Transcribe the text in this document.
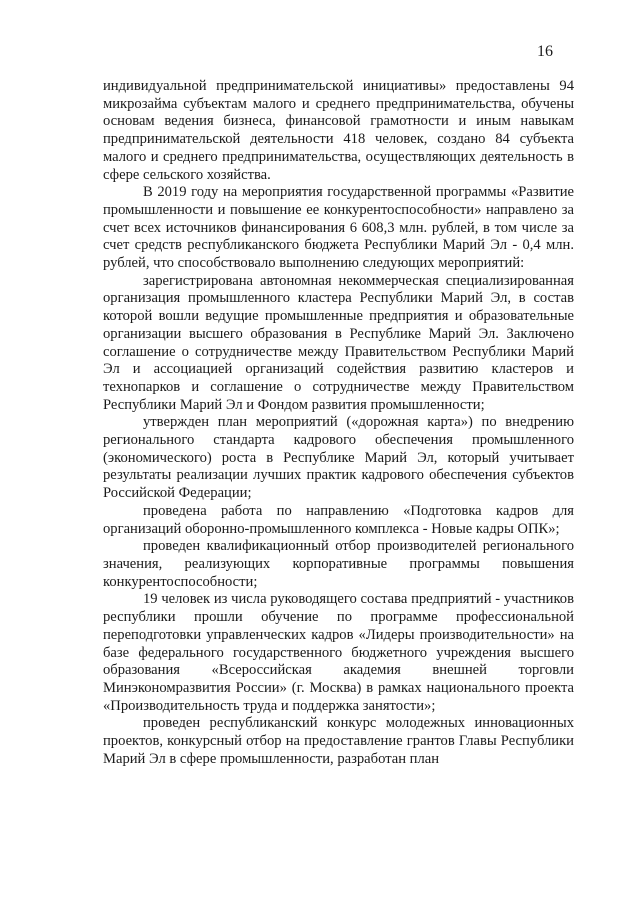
16

индивидуальной предпринимательской инициативы» предоставлены 94 микрозайма субъектам малого и среднего предпринимательства, обучены основам ведения бизнеса, финансовой грамотности и иным навыкам предпринимательской деятельности 418 человек, создано 84 субъекта малого и среднего предпринимательства, осуществляющих деятельность в сфере сельского хозяйства.

В 2019 году на мероприятия государственной программы «Развитие промышленности и повышение ее конкурентоспособности» направлено за счет всех источников финансирования 6 608,3 млн. рублей, в том числе за счет средств республиканского бюджета Республики Марий Эл - 0,4 млн. рублей, что способствовало выполнению следующих мероприятий:

зарегистрирована автономная некоммерческая специализированная организация промышленного кластера Республики Марий Эл, в состав которой вошли ведущие промышленные предприятия и образовательные организации высшего образования в Республике Марий Эл. Заключено соглашение о сотрудничестве между Правительством Республики Марий Эл и ассоциацией организаций содействия развитию кластеров и технопарков и соглашение о сотрудничестве между Правительством Республики Марий Эл и Фондом развития промышленности;

утвержден план мероприятий («дорожная карта») по внедрению регионального стандарта кадрового обеспечения промышленного (экономического) роста в Республике Марий Эл, который учитывает результаты реализации лучших практик кадрового обеспечения субъектов Российской Федерации;

проведена работа по направлению «Подготовка кадров для организаций оборонно-промышленного комплекса - Новые кадры ОПК»;

проведен квалификационный отбор производителей регионального значения, реализующих корпоративные программы повышения конкурентоспособности;

19 человек из числа руководящего состава предприятий - участников республики прошли обучение по программе профессиональной переподготовки управленческих кадров «Лидеры производительности» на базе федерального государственного бюджетного учреждения высшего образования «Всероссийская академия внешней торговли Минэкономразвития России» (г. Москва) в рамках национального проекта «Производительность труда и поддержка занятости»;

проведен республиканский конкурс молодежных инновационных проектов, конкурсный отбор на предоставление грантов Главы Республики Марий Эл в сфере промышленности, разработан план
